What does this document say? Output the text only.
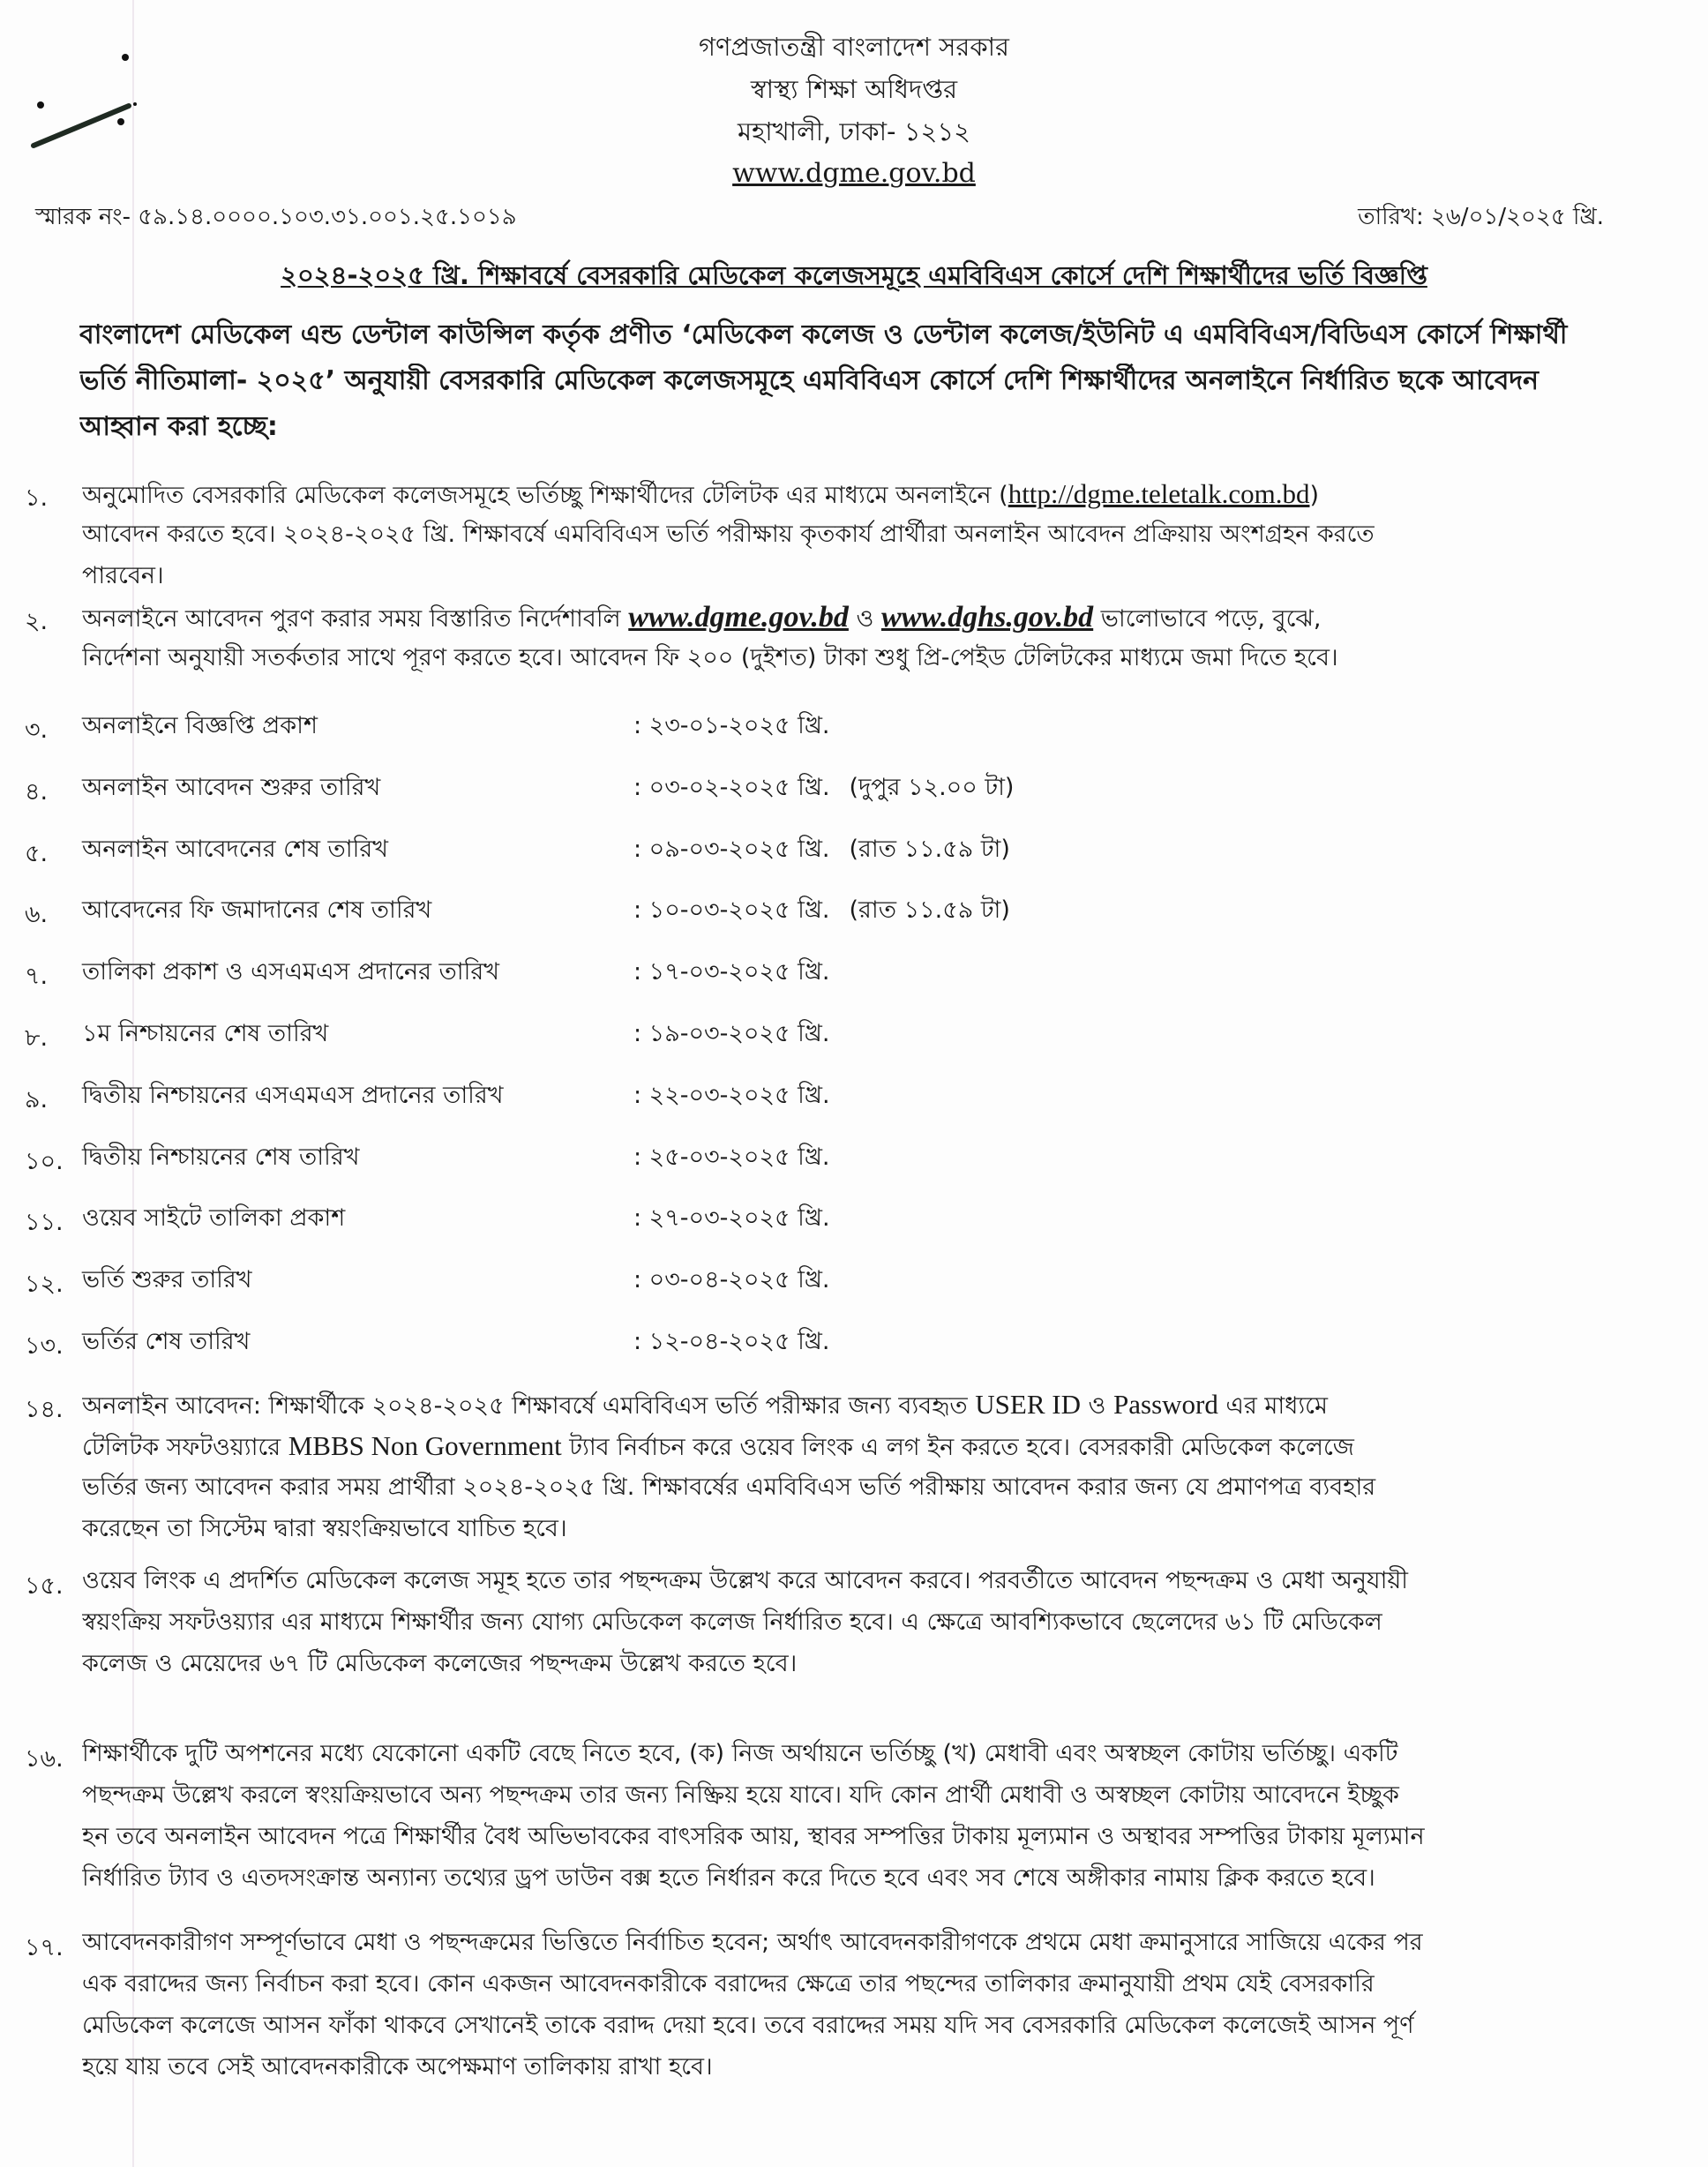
গণপ্রজাতন্ত্রী বাংলাদেশ সরকার
স্বাস্থ্য শিক্ষা অধিদপ্তর
মহাখালী, ঢাকা- ১২১২
www.dgme.gov.bd
স্মারক নং- ৫৯.১৪.০০০০.১০৩.৩১.০০১.২৫.১০১৯	তারিখ: ২৬/০১/২০২৫ খ্রি.
২০২৪-২০২৫ খ্রি. শিক্ষাবর্ষে বেসরকারি মেডিকেল কলেজসমূহে এমবিবিএস কোর্সে দেশি শিক্ষার্থীদের ভর্তি বিজ্ঞপ্তি
বাংলাদেশ মেডিকেল এন্ড ডেন্টাল কাউন্সিল কর্তৃক প্রণীত ‘মেডিকেল কলেজ ও ডেন্টাল কলেজ/ইউনিট এ এমবিবিএস/বিডিএস কোর্সে শিক্ষার্থী
ভর্তি নীতিমালা- ২০২৫’ অনুযায়ী বেসরকারি মেডিকেল কলেজসমূহে এমবিবিএস কোর্সে দেশি শিক্ষার্থীদের অনলাইনে নির্ধারিত ছকে আবেদন
আহ্বান করা হচ্ছে:
১. অনুমোদিত বেসরকারি মেডিকেল কলেজসমূহে ভর্তিচ্ছু শিক্ষার্থীদের টেলিটক এর মাধ্যমে অনলাইনে (http://dgme.teletalk.com.bd)
আবেদন করতে হবে। ২০২৪-২০২৫ খ্রি. শিক্ষাবর্ষে এমবিবিএস ভর্তি পরীক্ষায় কৃতকার্য প্রার্থীরা অনলাইন আবেদন প্রক্রিয়ায় অংশগ্রহন করতে
পারবেন।
২. অনলাইনে আবেদন পুরণ করার সময় বিস্তারিত নির্দেশাবলি www.dgme.gov.bd ও www.dghs.gov.bd ভালোভাবে পড়ে, বুঝে,
নির্দেশনা অনুযায়ী সতর্কতার সাথে পূরণ করতে হবে। আবেদন ফি ২০০ (দুইশত) টাকা শুধু প্রি-পেইড টেলিটকের মাধ্যমে জমা দিতে হবে।
৩. অনলাইনে বিজ্ঞপ্তি প্রকাশ	: ২৩-০১-২০২৫ খ্রি.
৪. অনলাইন আবেদন শুরুর তারিখ	: ০৩-০২-২০২৫ খ্রি. (দুপুর ১২.০০ টা)
৫. অনলাইন আবেদনের শেষ তারিখ	: ০৯-০৩-২০২৫ খ্রি. (রাত ১১.৫৯ টা)
৬. আবেদনের ফি জমাদানের শেষ তারিখ	: ১০-০৩-২০২৫ খ্রি. (রাত ১১.৫৯ টা)
৭. তালিকা প্রকাশ ও এসএমএস প্রদানের তারিখ	: ১৭-০৩-২০২৫ খ্রি.
৮. ১ম নিশ্চায়নের শেষ তারিখ	: ১৯-০৩-২০২৫ খ্রি.
৯. দ্বিতীয় নিশ্চায়নের এসএমএস প্রদানের তারিখ	: ২২-০৩-২০২৫ খ্রি.
১০. দ্বিতীয় নিশ্চায়নের শেষ তারিখ	: ২৫-০৩-২০২৫ খ্রি.
১১. ওয়েব সাইটে তালিকা প্রকাশ	: ২৭-০৩-২০২৫ খ্রি.
১২. ভর্তি শুরুর তারিখ	: ০৩-০৪-২০২৫ খ্রি.
১৩. ভর্তির শেষ তারিখ	: ১২-০৪-২০২৫ খ্রি.
১৪. অনলাইন আবেদন: শিক্ষার্থীকে ২০২৪-২০২৫ শিক্ষাবর্ষে এমবিবিএস ভর্তি পরীক্ষার জন্য ব্যবহৃত USER ID ও Password এর মাধ্যমে
টেলিটক সফটওয়্যারে MBBS Non Government ট্যাব নির্বাচন করে ওয়েব লিংক এ লগ ইন করতে হবে। বেসরকারী মেডিকেল কলেজে
ভর্তির জন্য আবেদন করার সময় প্রার্থীরা ২০২৪-২০২৫ খ্রি. শিক্ষাবর্ষের এমবিবিএস ভর্তি পরীক্ষায় আবেদন করার জন্য যে প্রমাণপত্র ব্যবহার
করেছেন তা সিস্টেম দ্বারা স্বয়ংক্রিয়ভাবে যাচিত হবে।
১৫. ওয়েব লিংক এ প্রদর্শিত মেডিকেল কলেজ সমূহ হতে তার পছন্দক্রম উল্লেখ করে আবেদন করবে। পরবর্তীতে আবেদন পছন্দক্রম ও মেধা অনুযায়ী
স্বয়ংক্রিয় সফটওয়্যার এর মাধ্যমে শিক্ষার্থীর জন্য যোগ্য মেডিকেল কলেজ নির্ধারিত হবে। এ ক্ষেত্রে আবশ্যিকভাবে ছেলেদের ৬১ টি মেডিকেল
কলেজ ও মেয়েদের ৬৭ টি মেডিকেল কলেজের পছন্দক্রম উল্লেখ করতে হবে।
১৬. শিক্ষার্থীকে দুটি অপশনের মধ্যে যেকোনো একটি বেছে নিতে হবে, (ক) নিজ অর্থায়নে ভর্তিচ্ছু (খ) মেধাবী এবং অস্বচ্ছল কোটায় ভর্তিচ্ছু। একটি
পছন্দক্রম উল্লেখ করলে স্বংয়ক্রিয়ভাবে অন্য পছন্দক্রম তার জন্য নিষ্ক্রিয় হয়ে যাবে। যদি কোন প্রার্থী মেধাবী ও অস্বচ্ছল কোটায় আবেদনে ইচ্ছুক
হন তবে অনলাইন আবেদন পত্রে শিক্ষার্থীর বৈধ অভিভাবকের বাৎসরিক আয়, স্থাবর সম্পত্তির টাকায় মূল্যমান ও অস্থাবর সম্পত্তির টাকায় মূল্যমান
নির্ধারিত ট্যাব ও এতদসংক্রান্ত অন্যান্য তথ্যের ড্রপ ডাউন বক্স হতে নির্ধারন করে দিতে হবে এবং সব শেষে অঙ্গীকার নামায় ক্লিক করতে হবে।
১৭. আবেদনকারীগণ সম্পূর্ণভাবে মেধা ও পছন্দক্রমের ভিত্তিতে নির্বাচিত হবেন; অর্থাৎ আবেদনকারীগণকে প্রথমে মেধা ক্রমানুসারে সাজিয়ে একের পর
এক বরাদ্দের জন্য নির্বাচন করা হবে। কোন একজন আবেদনকারীকে বরাদ্দের ক্ষেত্রে তার পছন্দের তালিকার ক্রমানুযায়ী প্রথম যেই বেসরকারি
মেডিকেল কলেজে আসন ফাঁকা থাকবে সেখানেই তাকে বরাদ্দ দেয়া হবে। তবে বরাদ্দের সময় যদি সব বেসরকারি মেডিকেল কলেজেই আসন পূর্ণ
হয়ে যায় তবে সেই আবেদনকারীকে অপেক্ষমাণ তালিকায় রাখা হবে।
